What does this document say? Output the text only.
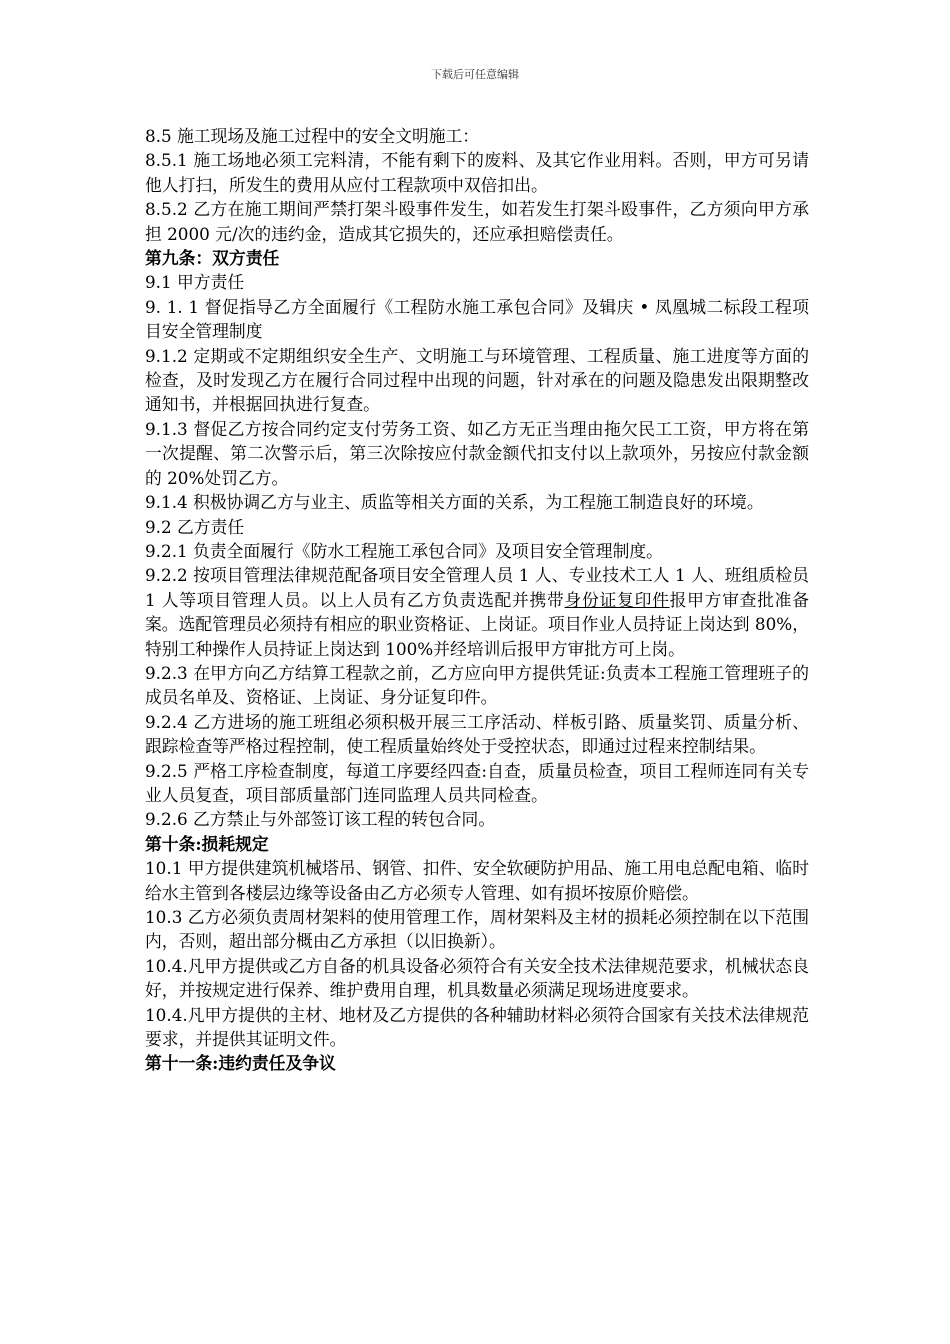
下载后可任意编辑

8.5 施工现场及施工过程中的安全文明施工：

8.5.1 施工场地必须工完料清，不能有剩下的废料、及其它作业用料。否则，甲方可另请他人打扫，所发生的费用从应付工程款项中双倍扣出。

8.5.2 乙方在施工期间严禁打架斗殴事件发生，如若发生打架斗殴事件，乙方须向甲方承担 2000 元/次的违约金，造成其它损失的，还应承担赔偿责任。

第九条：双方责任

9.1 甲方责任

9. 1. 1 督促指导乙方全面履行《工程防水施工承包合同》及辑庆 • 凤凰城二标段工程项目安全管理制度

9.1.2 定期或不定期组织安全生产、文明施工与环境管理、工程质量、施工进度等方面的检查，及时发现乙方在履行合同过程中出现的问题，针对承在的问题及隐患发出限期整改通知书，并根据回执进行复查。

9.1.3 督促乙方按合同约定支付劳务工资、如乙方无正当理由拖欠民工工资，甲方将在第一次提醒、第二次警示后，第三次除按应付款金额代扣支付以上款项外，另按应付款金额的 20%处罚乙方。

9.1.4 积极协调乙方与业主、质监等相关方面的关系，为工程施工制造良好的环境。

9.2 乙方责任

9.2.1 负责全面履行《防水工程施工承包合同》及项目安全管理制度。

9.2.2 按项目管理法律规范配备项目安全管理人员 1 人、专业技术工人 1 人、班组质检员 1 人等项目管理人员。以上人员有乙方负责选配并携带身份证复印件报甲方审查批准备案。选配管理员必须持有相应的职业资格证、上岗证。项目作业人员持证上岗达到 80%，特别工种操作人员持证上岗达到 100%并经培训后报甲方审批方可上岗。

9.2.3 在甲方向乙方结算工程款之前，乙方应向甲方提供凭证:负责本工程施工管理班子的成员名单及、资格证、上岗证、身分证复印件。

9.2.4 乙方进场的施工班组必须积极开展三工序活动、样板引路、质量奖罚、质量分析、跟踪检查等严格过程控制，使工程质量始终处于受控状态，即通过过程来控制结果。

9.2.5 严格工序检查制度，每道工序要经四查:自查，质量员检查，项目工程师连同有关专业人员复查，项目部质量部门连同监理人员共同检查。

9.2.6 乙方禁止与外部签订该工程的转包合同。

第十条:损耗规定

10.1 甲方提供建筑机械塔吊、钢管、扣件、安全软硬防护用品、施工用电总配电箱、临时给水主管到各楼层边缘等设备由乙方必须专人管理、如有损坏按原价赔偿。

10.3 乙方必须负责周材架料的使用管理工作，周材架料及主材的损耗必须控制在以下范围内，否则，超出部分概由乙方承担（以旧换新）。

10.4.凡甲方提供或乙方自备的机具设备必须符合有关安全技术法律规范要求，机械状态良好，并按规定进行保养、维护费用自理，机具数量必须满足现场进度要求。

10.4.凡甲方提供的主材、地材及乙方提供的各种辅助材料必须符合国家有关技术法律规范要求，并提供其证明文件。

第十一条:违约责任及争议
